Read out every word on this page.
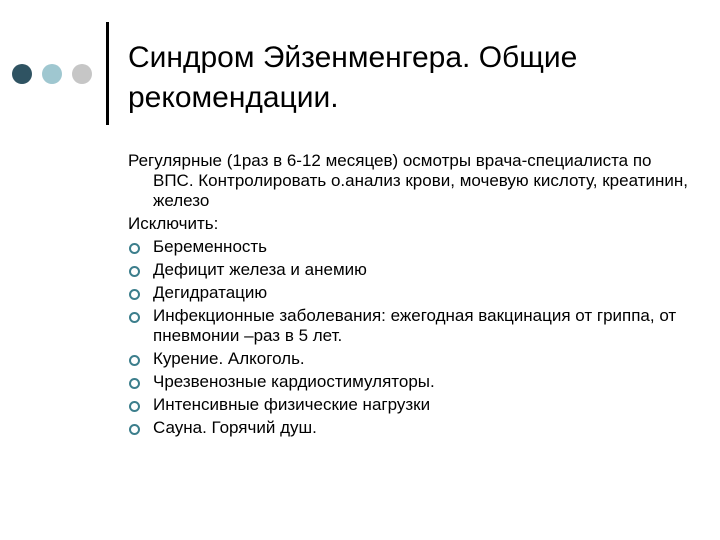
Синдром Эйзенменгера. Общие
рекомендации.

Регулярные (1раз в 6-12 месяцев) осмотры врача-специалиста по ВПС. Контролировать о.анализ крови, мочевую кислоту, креатинин, железо

Исключить:

Беременность
Дефицит железа и анемию
Дегидратацию
Инфекционные заболевания: ежегодная вакцинация от гриппа, от пневмонии –раз в 5 лет.
Курение. Алкоголь.
Чрезвенозные кардиостимуляторы.
Интенсивные физические нагрузки
Сауна. Горячий душ.
